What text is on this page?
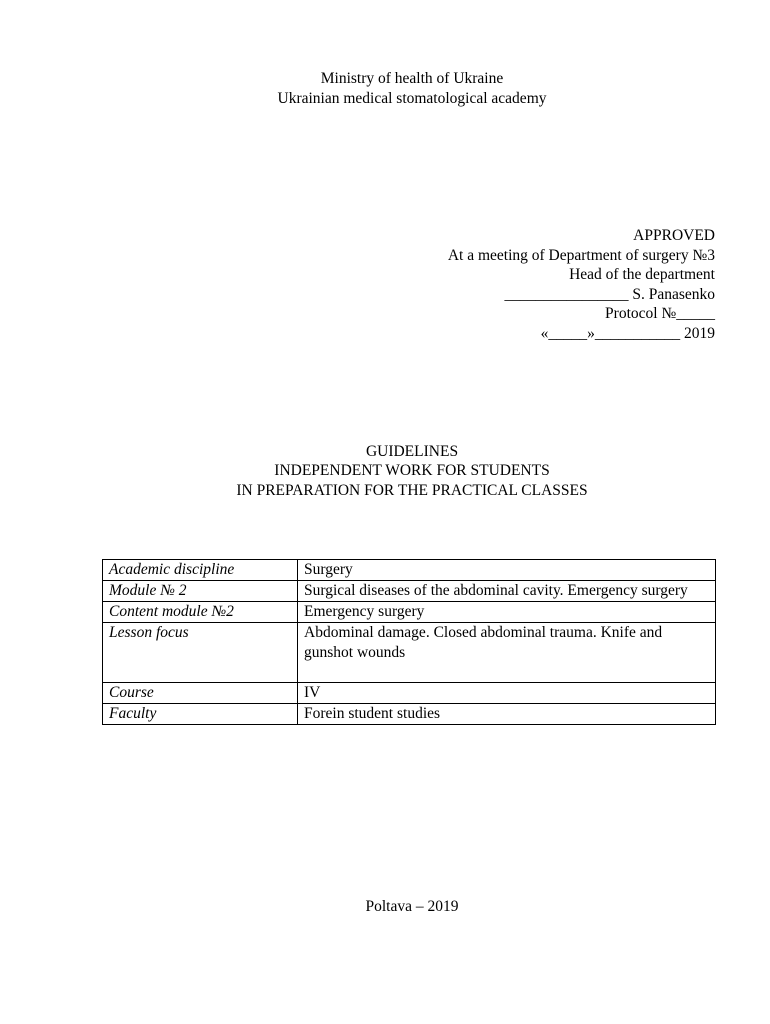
Ministry of health of Ukraine
Ukrainian medical stomatological academy
APPROVED
At a meeting of Department of surgery №3
Head of the department
________________ S. Panasenko
Protocol №_____
«_____»___________ 2019
GUIDELINES
INDEPENDENT WORK FOR STUDENTS
IN PREPARATION FOR THE PRACTICAL CLASSES
Academic discipline	Surgery
Module № 2	Surgical diseases of the abdominal cavity. Emergency surgery
Content module №2	Emergency surgery
Lesson focus	Abdominal damage. Closed abdominal trauma. Knife and gunshot wounds
Course	IV
Faculty	Forein student studies
Poltava – 2019
